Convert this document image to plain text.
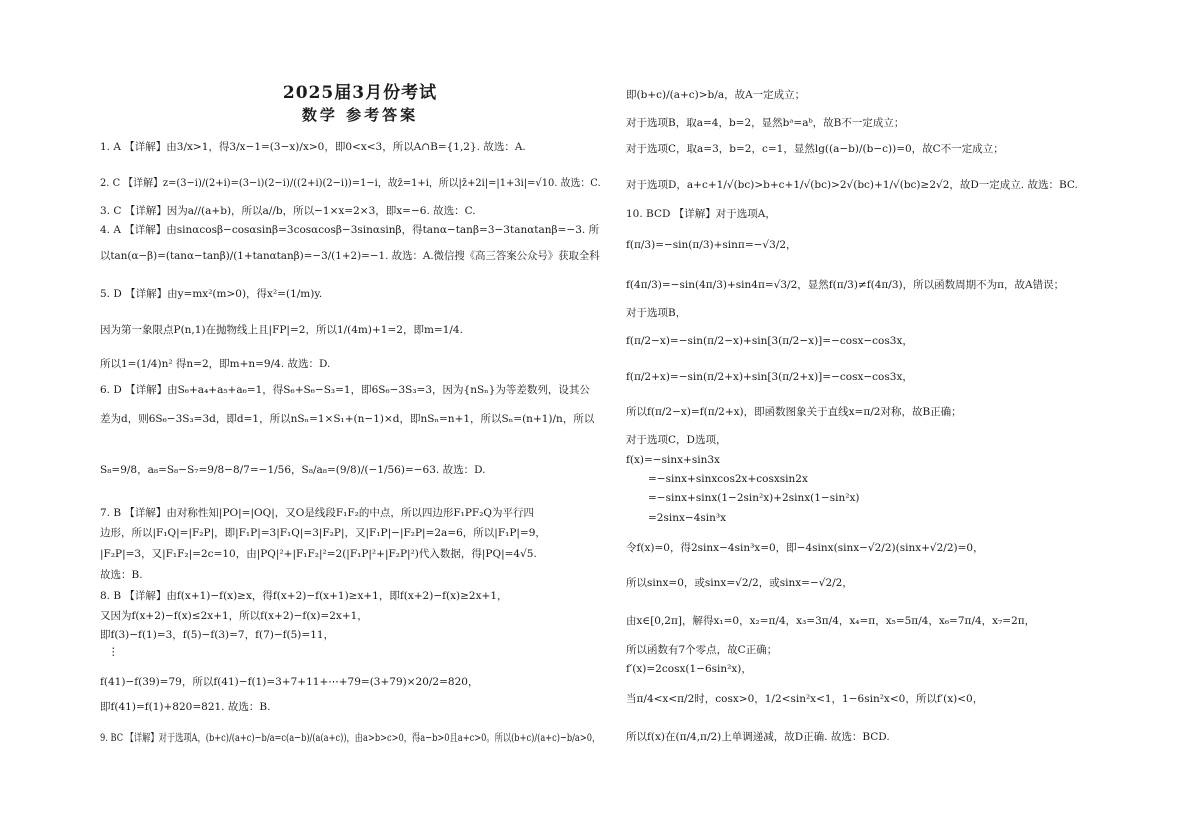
2025届3月份考试
数学 参考答案
1. A 【详解】由3/x>1，得3/x−1=(3−x)/x>0，即0<x<3，所以A∩B={1,2}. 故选：A.
2. C 【详解】z=(3−i)/(2+i)=(3−i)(2−i)/((2+i)(2−i))=1−i，故z̄=1+i，所以|z̄+2i|=|1+3i|=√10. 故选：C.
3. C 【详解】因为a//(a+b)，所以a//b，所以−1×x=2×3，即x=−6. 故选：C.
4. A 【详解】由sinαcosβ−cosαsinβ=3cosαcosβ−3sinαsinβ，得tanα−tanβ=3−3tanαtanβ=−3. 所
以tan(α−β)=(tanα−tanβ)/(1+tanαtanβ)=−3/(1+2)=−1. 故选：A.微信搜《高三答案公众号》获取全科
5. D 【详解】由y=mx²(m>0)，得x²=(1/m)y.
因为第一象限点P(n,1)在抛物线上且|FP|=2，所以1/(4m)+1=2，即m=1/4.
所以1=(1/4)n² 得n=2，即m+n=9/4. 故选：D.
6. D 【详解】由S₆+a₄+a₅+a₆=1，得S₆+S₆−S₃=1，即6S₆−3S₃=3，因为{nSₙ}为等差数列，设其公
差为d，则6S₆−3S₃=3d，即d=1，所以nSₙ=1×S₁+(n−1)×d，即nSₙ=n+1，所以Sₙ=(n+1)/n，所以
S₈=9/8，a₈=S₈−S₇=9/8−8/7=−1/56，S₈/a₈=(9/8)/(−1/56)=−63. 故选：D.
7. B 【详解】由对称性知|PO|=|OQ|，又O是线段F₁F₂的中点，所以四边形F₁PF₂Q为平行四
边形，所以|F₁Q|=|F₂P|，即|F₁P|=3|F₁Q|=3|F₂P|，又|F₁P|−|F₂P|=2a=6，所以|F₁P|=9，
|F₂P|=3，又|F₁F₂|=2c=10，由|PQ|²+|F₁F₂|²=2(|F₁P|²+|F₂P|²)代入数据，得|PQ|=4√5.
故选：B.
8. B 【详解】由f(x+1)−f(x)≥x，得f(x+2)−f(x+1)≥x+1，即f(x+2)−f(x)≥2x+1，
又因为f(x+2)−f(x)≤2x+1，所以f(x+2)−f(x)=2x+1，
即f(3)−f(1)=3，f(5)−f(3)=7，f(7)−f(5)=11，
⋮
f(41)−f(39)=79，所以f(41)−f(1)=3+7+11+⋯+79=(3+79)×20/2=820，
即f(41)=f(1)+820=821. 故选：B.
9. BC 【详解】对于选项A，(b+c)/(a+c)−b/a=c(a−b)/(a(a+c))，由a>b>c>0，得a−b>0且a+c>0。所以(b+c)/(a+c)−b/a>0，
即(b+c)/(a+c)>b/a，故A一定成立；
对于选项B，取a=4，b=2，显然bᵃ=aᵇ，故B不一定成立；
对于选项C，取a=3，b=2，c=1，显然lg((a−b)/(b−c))=0，故C不一定成立；
对于选项D，a+c+1/√(bc)>b+c+1/√(bc)>2√(bc)+1/√(bc)≥2√2，故D一定成立. 故选：BC.
10. BCD 【详解】对于选项A，
f(π/3)=−sin(π/3)+sinπ=−√3/2，
f(4π/3)=−sin(4π/3)+sin4π=√3/2，显然f(π/3)≠f(4π/3)，所以函数周期不为π，故A错误；
对于选项B，
f(π/2−x)=−sin(π/2−x)+sin[3(π/2−x)]=−cosx−cos3x，
f(π/2+x)=−sin(π/2+x)+sin[3(π/2+x)]=−cosx−cos3x，
所以f(π/2−x)=f(π/2+x)，即函数图象关于直线x=π/2对称，故B正确；
对于选项C，D选项，
f(x)=−sinx+sin3x
=−sinx+sinxcos2x+cosxsin2x
=−sinx+sinx(1−2sin²x)+2sinx(1−sin²x)
=2sinx−4sin³x
令f(x)=0，得2sinx−4sin³x=0，即−4sinx(sinx−√2/2)(sinx+√2/2)=0，
所以sinx=0，或sinx=√2/2，或sinx=−√2/2，
由x∈[0,2π]，解得x₁=0，x₂=π/4，x₃=3π/4，x₄=π，x₅=5π/4，x₆=7π/4，x₇=2π，
所以函数有7个零点，故C正确；
f′(x)=2cosx(1−6sin²x)，
当π/4<x<π/2时，cosx>0，1/2<sin²x<1，1−6sin²x<0，所以f′(x)<0，
所以f(x)在(π/4,π/2)上单调递减，故D正确. 故选：BCD.
